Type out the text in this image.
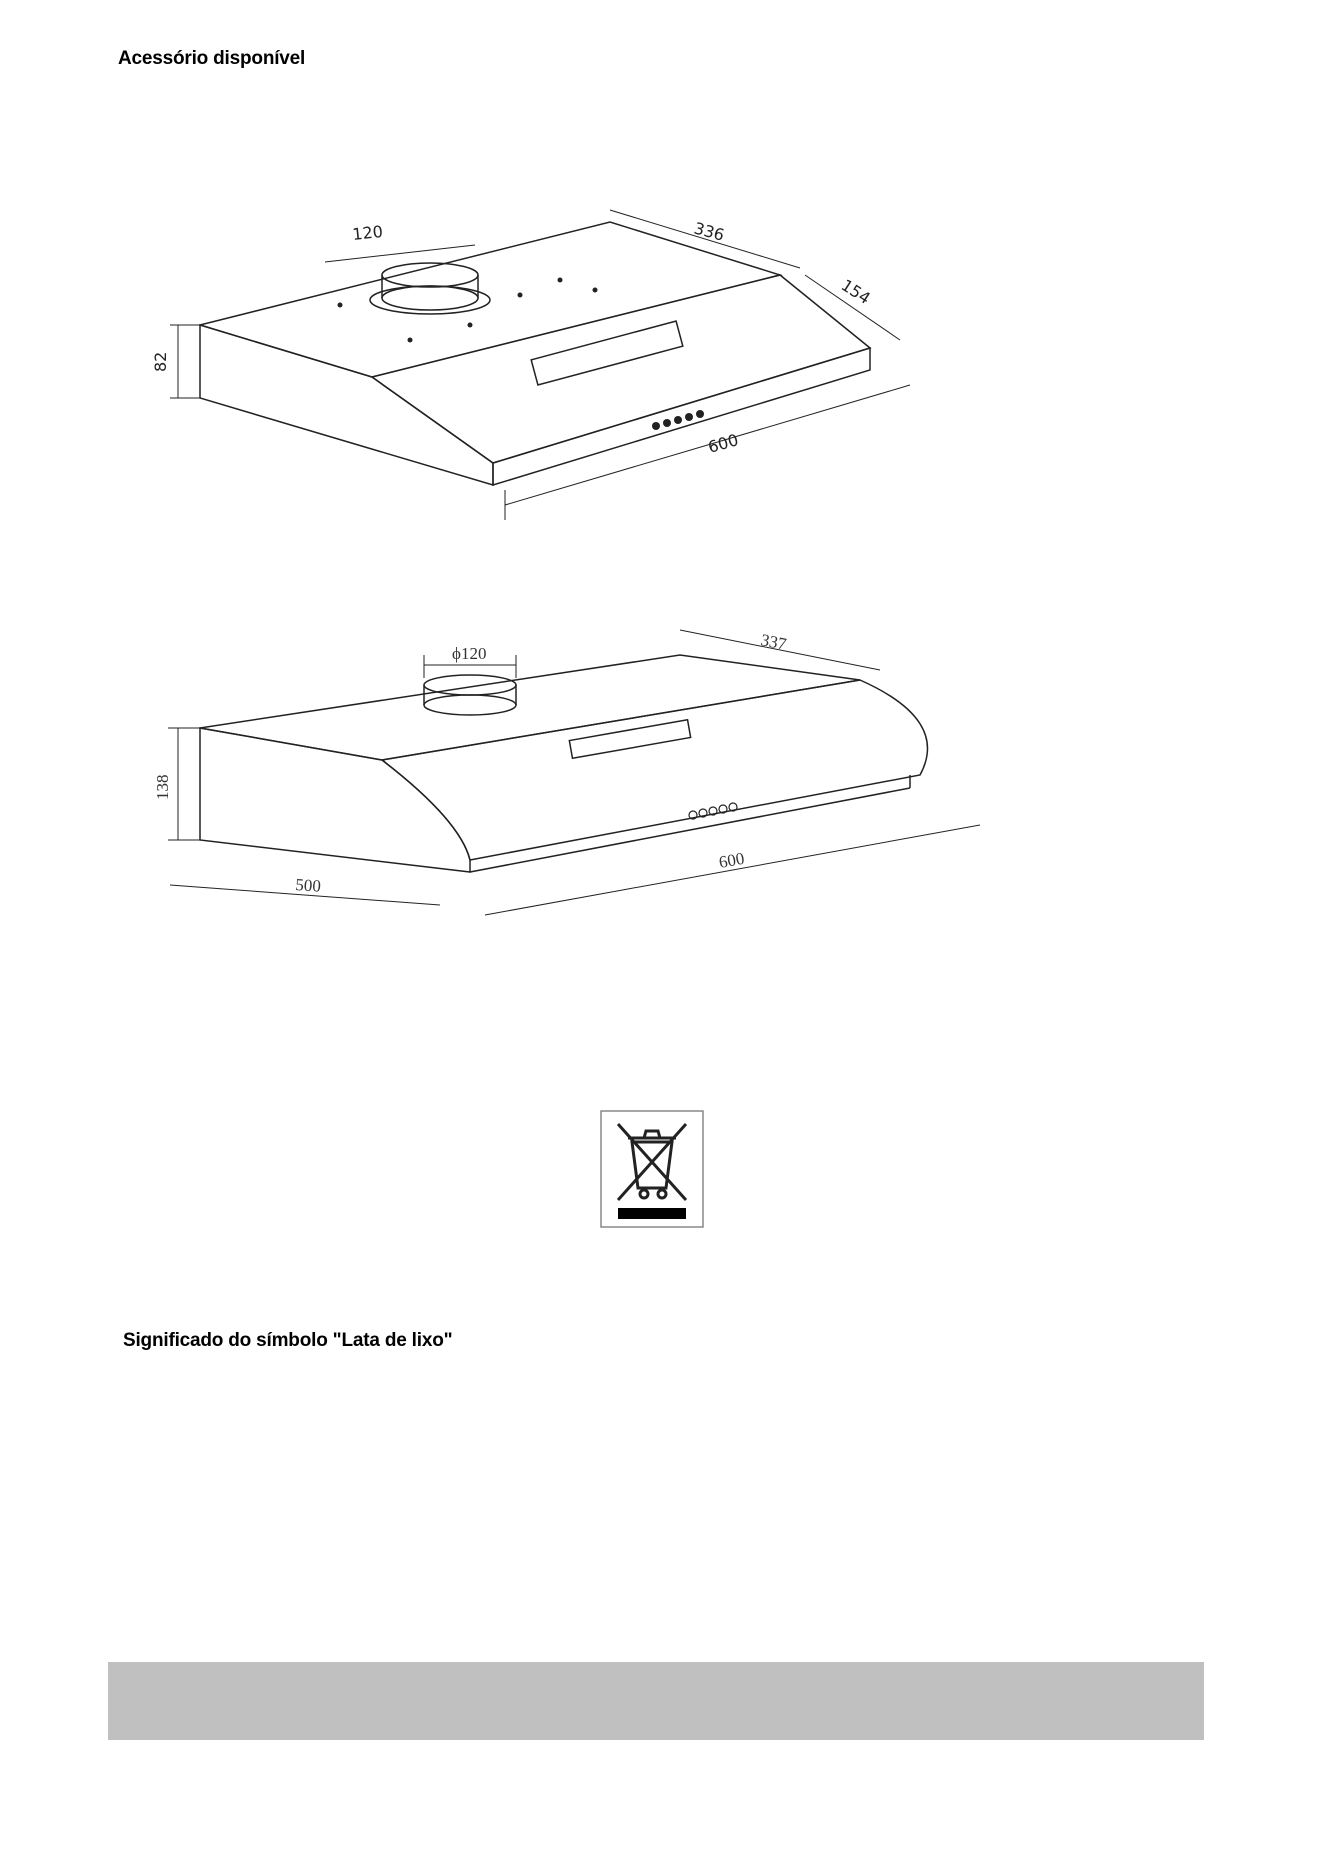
Acessório disponível
120	336
154
82
600
ϕ120	337
138
500
600
Significado do símbolo "Lata de lixo"
